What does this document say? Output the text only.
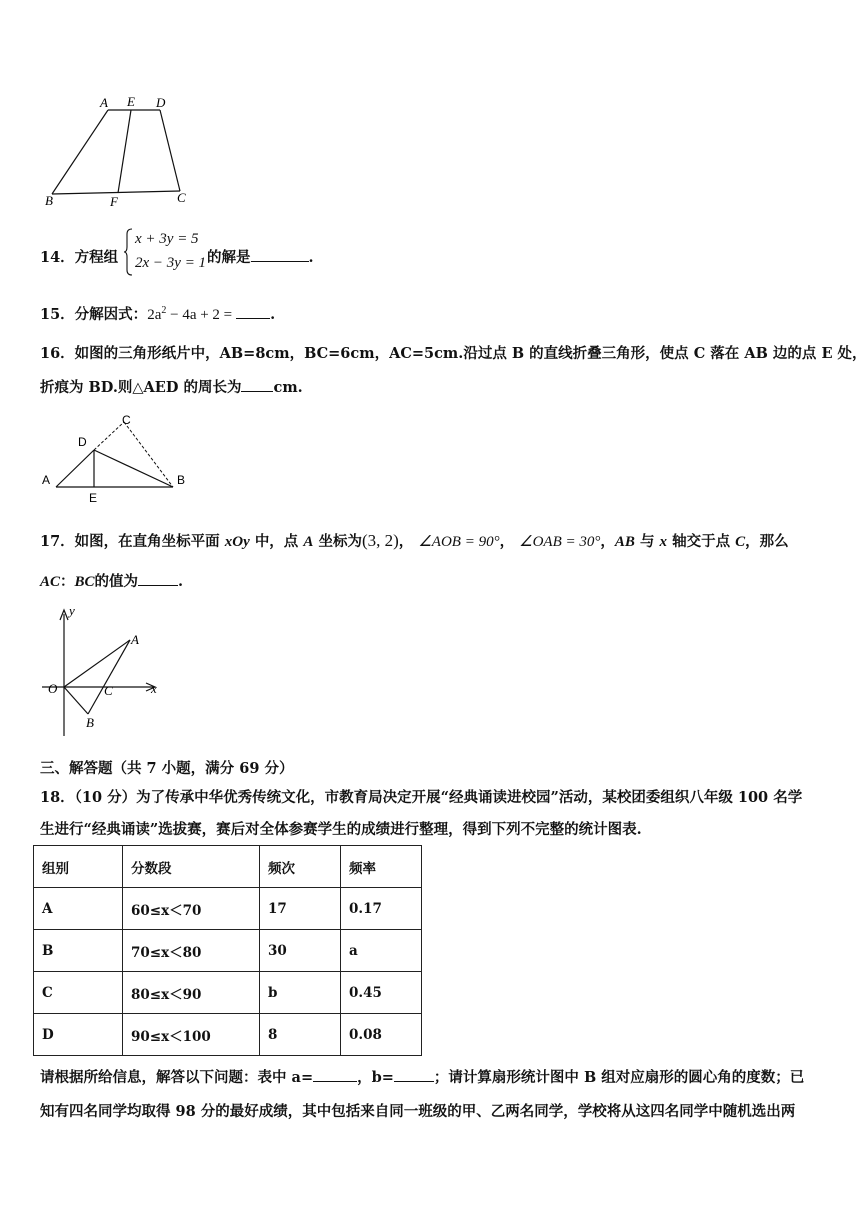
A E D
B	F	C
14．方程组
x + 3y = 5
2x − 3y = 1 的解是	.
15．分解因式：$2a^2 - 4a + 2$ =	.
16．如图的三角形纸片中，AB=8cm，BC=6cm，AC=5cm.沿过点 B 的直线折叠三角形，使点 C 落在 AB 边的点 E 处，
折痕为 BD.则△AED 的周长为 cm.
D
C
A
E
B
17．如图，在直角坐标平面 xOy 中，点 A 坐标为(3, 2)， ∠AOB = 90°， ∠OAB = 30°，AB 与 x 轴交于点 C，那么
AC：BC的值为	.
y
A
O	C	x
B
三、解答题（共 7 小题，满分 69 分）
18．（10 分）为了传承中华优秀传统文化，市教育局决定开展“经典诵读进校园”活动，某校团委组织八年级 100 名学
生进行“经典诵读”选拔赛，赛后对全体参赛学生的成绩进行整理，得到下列不完整的统计图表.
组别	分数段	频次	频率
A	60≤x＜70	17	0.17
B	70≤x＜80	30	a
C	80≤x＜90	b	0.45
D	90≤x＜100	8	0.08
请根据所给信息，解答以下问题：表中 a=	，b=	；请计算扇形统计图中 B 组对应扇形的圆心角的度数；已
知有四名同学均取得 98 分的最好成绩，其中包括来自同一班级的甲、乙两名同学，学校将从这四名同学中随机选出两
